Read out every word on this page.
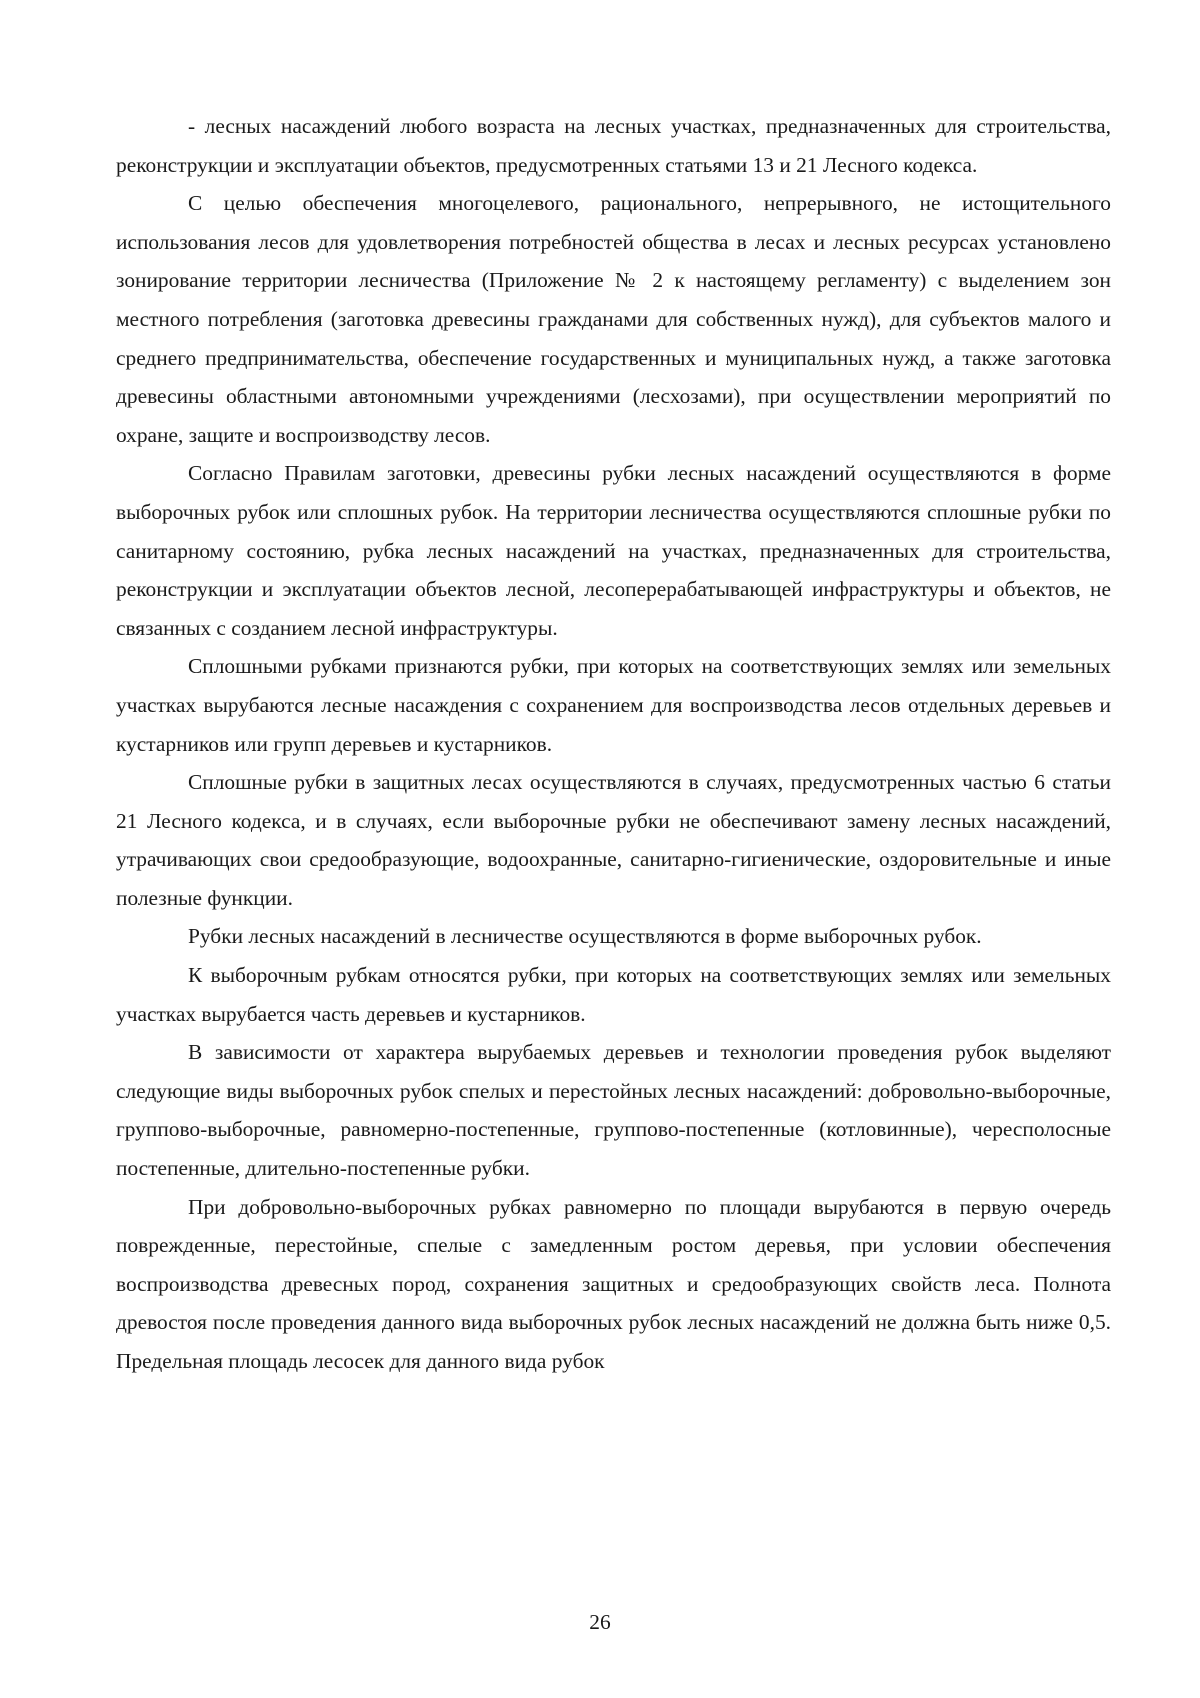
- лесных насаждений любого возраста на лесных участках, предназначенных для строительства, реконструкции и эксплуатации объектов, предусмотренных статьями 13 и 21 Лесного кодекса.

С целью обеспечения многоцелевого, рационального, непрерывного, не истощительного использования лесов для удовлетворения потребностей общества в лесах и лесных ресурсах установлено зонирование территории лесничества (Приложение № 2 к настоящему регламенту) с выделением зон местного потребления (заготовка древесины гражданами для собственных нужд), для субъектов малого и среднего предпринимательства, обеспечение государственных и муниципальных нужд, а также заготовка древесины областными автономными учреждениями (лесхозами), при осуществлении мероприятий по охране, защите и воспроизводству лесов.

Согласно Правилам заготовки, древесины рубки лесных насаждений осуществляются в форме выборочных рубок или сплошных рубок. На территории лесничества осуществляются сплошные рубки по санитарному состоянию, рубка лесных насаждений на участках, предназначенных для строительства, реконструкции и эксплуатации объектов лесной, лесоперерабатывающей инфраструктуры и объектов, не связанных с созданием лесной инфраструктуры.

Сплошными рубками признаются рубки, при которых на соответствующих землях или земельных участках вырубаются лесные насаждения с сохранением для воспроизводства лесов отдельных деревьев и кустарников или групп деревьев и кустарников.

Сплошные рубки в защитных лесах осуществляются в случаях, предусмотренных частью 6 статьи 21 Лесного кодекса, и в случаях, если выборочные рубки не обеспечивают замену лесных насаждений, утрачивающих свои средообразующие, водоохранные, санитарно-гигиенические, оздоровительные и иные полезные функции.

Рубки лесных насаждений в лесничестве осуществляются в форме выборочных рубок.

К выборочным рубкам относятся рубки, при которых на соответствующих землях или земельных участках вырубается часть деревьев и кустарников.

В зависимости от характера вырубаемых деревьев и технологии проведения рубок выделяют следующие виды выборочных рубок спелых и перестойных лесных насаждений: добровольно-выборочные, группово-выборочные, равномерно-постепенные, группово-постепенные (котловинные), чересполосные постепенные, длительно-постепенные рубки.

При добровольно-выборочных рубках равномерно по площади вырубаются в первую очередь поврежденные, перестойные, спелые с замедленным ростом деревья, при условии обеспечения воспроизводства древесных пород, сохранения защитных и средообразующих свойств леса. Полнота древостоя после проведения данного вида выборочных рубок лесных насаждений не должна быть ниже 0,5. Предельная площадь лесосек для данного вида рубок

26
